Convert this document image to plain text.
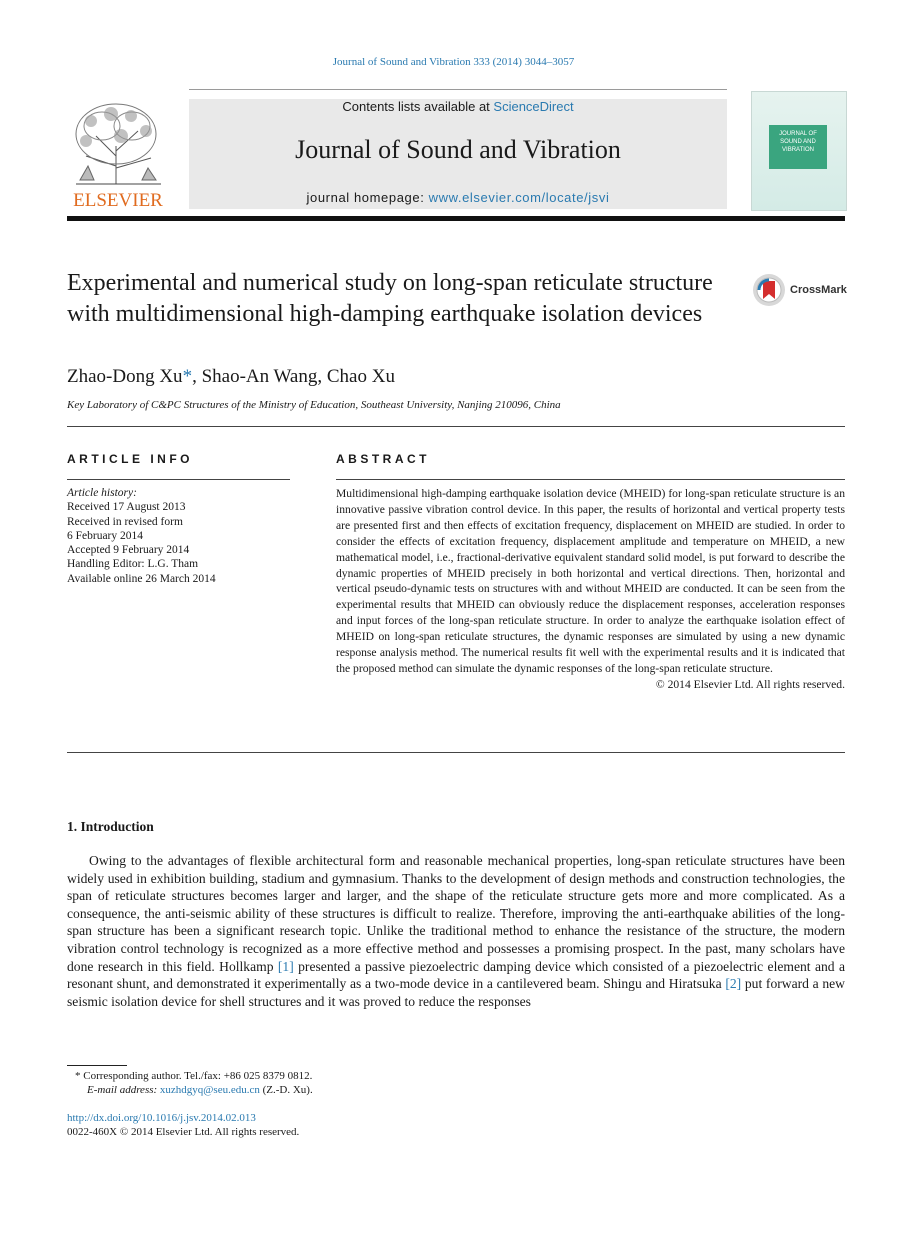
Journal of Sound and Vibration 333 (2014) 3044–3057
ELSEVIER
Contents lists available at ScienceDirect
Journal of Sound and Vibration
journal homepage: www.elsevier.com/locate/jsvi
JOURNAL OF SOUND AND VIBRATION
Experimental and numerical study on long-span reticulate structure with multidimensional high-damping earthquake isolation devices
CrossMark
Zhao-Dong Xu*, Shao-An Wang, Chao Xu
Key Laboratory of C&PC Structures of the Ministry of Education, Southeast University, Nanjing 210096, China
ARTICLE INFO	ABSTRACT
Article history:
Received 17 August 2013
Received in revised form
6 February 2014
Accepted 9 February 2014
Handling Editor: L.G. Tham
Available online 26 March 2014

Multidimensional high-damping earthquake isolation device (MHEID) for long-span reticulate structure is an innovative passive vibration control device. In this paper, the results of horizontal and vertical property tests are presented first and then effects of excitation frequency, displacement on MHEID are studied. In order to consider the effects of excitation frequency, displacement amplitude and temperature on MHEID, a new mathematical model, i.e., fractional-derivative equivalent standard solid model, is put forward to describe the dynamic properties of MHEID precisely in both horizontal and vertical directions. Then, horizontal and vertical pseudo-dynamic tests on structures with and without MHEID are conducted. It can be seen from the experimental results that MHEID can obviously reduce the displacement responses, acceleration responses and input forces of the long-span reticulate structure. In order to analyze the earthquake isolation effect of MHEID on long-span reticulate structures, the dynamic responses are simulated by using a new dynamic response analysis method. The numerical results fit well with the experimental results and it is indicated that the proposed method can simulate the dynamic responses of the long-span reticulate structure.

© 2014 Elsevier Ltd. All rights reserved.

1. Introduction

Owing to the advantages of flexible architectural form and reasonable mechanical properties, long-span reticulate structures have been widely used in exhibition building, stadium and gymnasium. Thanks to the development of design methods and construction technologies, the span of reticulate structures becomes larger and larger, and the shape of the reticulate structure gets more and more complicated. As a consequence, the anti-seismic ability of these structures is difficult to realize. Therefore, improving the anti-earthquake abilities of the long-span structure has been a significant research topic. Unlike the traditional method to enhance the resistance of the structure, the modern vibration control technology is recognized as a more effective method and possesses a promising prospect. In the past, many scholars have done research in this field. Hollkamp [1] presented a passive piezoelectric damping device which consisted of a piezoelectric element and a resonant shunt, and demonstrated it experimentally as a two-mode device in a cantilevered beam. Shingu and Hiratsuka [2] put forward a new seismic isolation device for shell structures and it was proved to reduce the responses

* Corresponding author. Tel./fax: +86 025 8379 0812.
E-mail address: xuzhdgyq@seu.edu.cn (Z.-D. Xu).
http://dx.doi.org/10.1016/j.jsv.2014.02.013
0022-460X © 2014 Elsevier Ltd. All rights reserved.
